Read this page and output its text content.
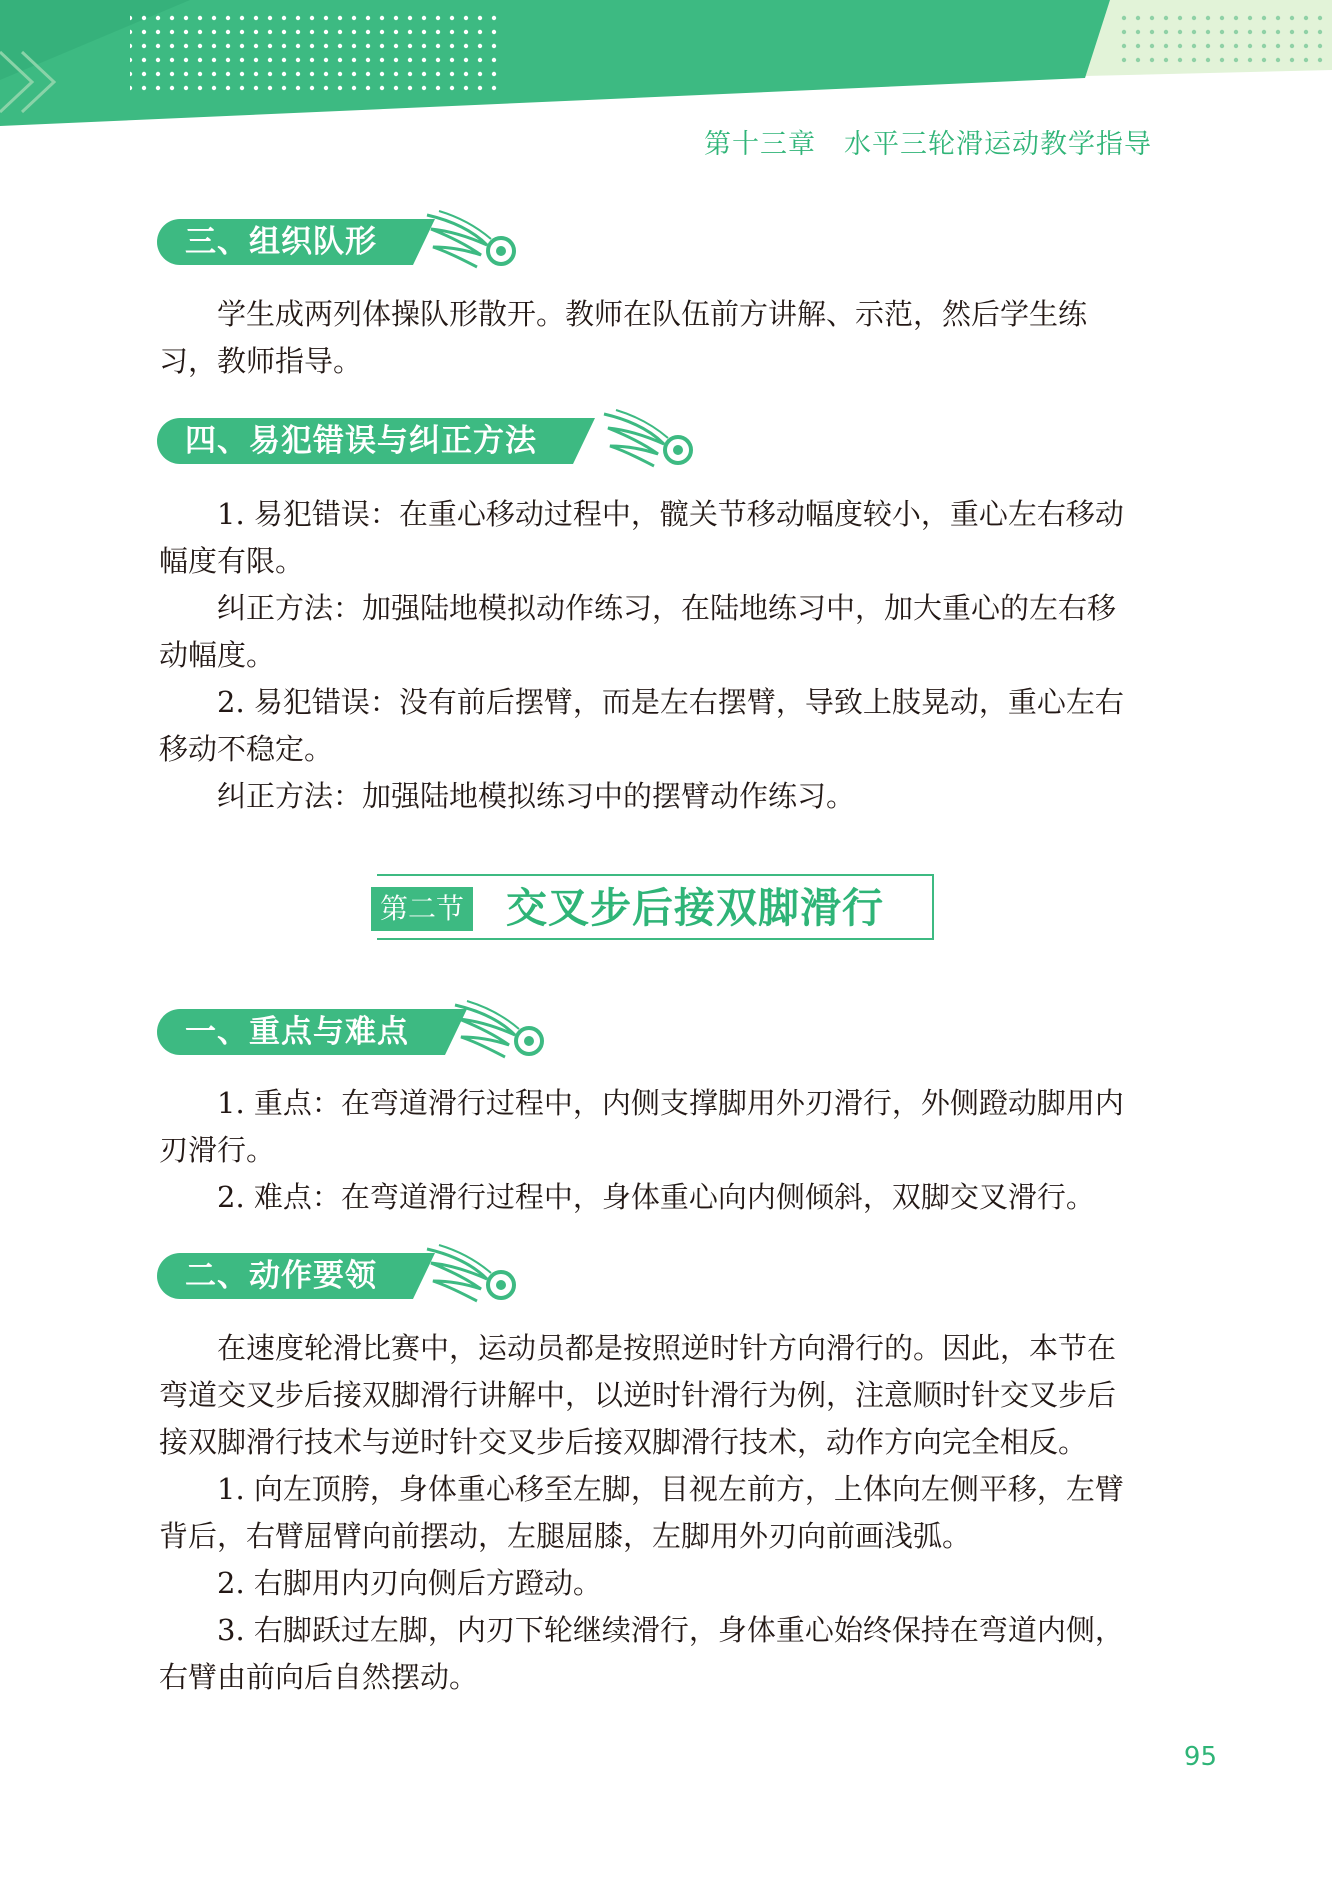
第十三章　水平三轮滑运动教学指导
三、组织队形

学生成两列体操队形散开。教师在队伍前方讲解、示范，然后学生练
习，教师指导。

四、易犯错误与纠正方法

　　1. 易犯错误：在重心移动过程中，髋关节移动幅度较小，重心左右移动
幅度有限。

　　纠正方法：加强陆地模拟动作练习，在陆地练习中，加大重心的左右移
动幅度。

　　2. 易犯错误：没有前后摆臂，而是左右摆臂，导致上肢晃动，重心左右
移动不稳定。

　　纠正方法：加强陆地模拟练习中的摆臂动作练习。

第二节 交叉步后接双脚滑行
一、重点与难点

　　1. 重点：在弯道滑行过程中，内侧支撑脚用外刃滑行，外侧蹬动脚用内
刃滑行。

　　2. 难点：在弯道滑行过程中，身体重心向内侧倾斜，双脚交叉滑行。

二、动作要领

　　在速度轮滑比赛中，运动员都是按照逆时针方向滑行的。因此，本节在
弯道交叉步后接双脚滑行讲解中，以逆时针滑行为例，注意顺时针交叉步后
接双脚滑行技术与逆时针交叉步后接双脚滑行技术，动作方向完全相反。

　　1. 向左顶胯，身体重心移至左脚，目视左前方，上体向左侧平移，左臂
背后，右臂屈臂向前摆动，左腿屈膝，左脚用外刃向前画浅弧。

　　2. 右脚用内刃向侧后方蹬动。

　　3. 右脚跃过左脚，内刃下轮继续滑行，身体重心始终保持在弯道内侧，
右臂由前向后自然摆动。

95
